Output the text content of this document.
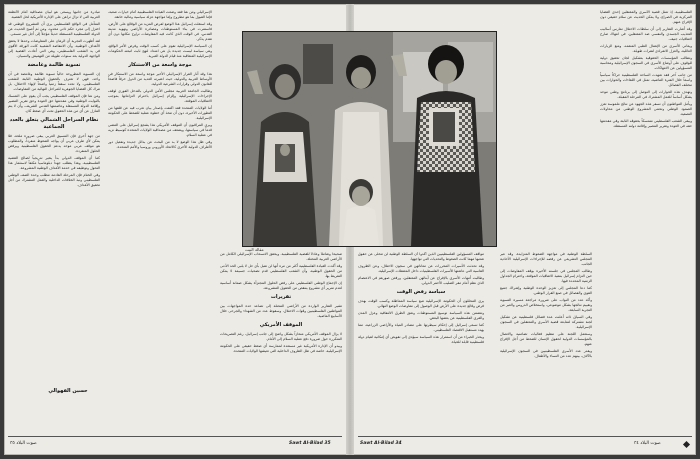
مبادرة من جانبها ويسعى هو لبيان مصداقية أمام الأنظمة العربية التي لا تزال تراهن على الإدارة الأمريكية لحل القضية.

المتأمل في الواقع الفلسطيني يرى أن المشروع الوطني قد اختزل إلى مجرد حكم ذاتي محدود، ومن ثم أصبح الحديث عن الدولة الفلسطينية المستقلة حديثاً مؤجلاً إلى أجل غير مسمى.

لقد أظهرت التجربة أن الرهان على المفاوضات وحدها لا يحقق الأهداف الوطنية، وأن الانتفاضة الشعبية كانت الورقة الأقوى في يد الشعب الفلسطيني، وهي التي أعادت القضية إلى الواجهة الدولية بعد سنوات طويلة من التهميش والنسيان.

تسوية ظالمة وغامضة

إن التسوية المطروحة حالياً تسوية ظالمة وغامضة في آن واحد، فهي لا تعترف بالحقوق الوطنية الثابتة للشعب الفلسطيني، ولا تحدد سقفاً زمنياً واضحاً لإنهاء الاحتلال، بل تترك كل القضايا الجوهرية للمراحل النهائية من المفاوضات.

ومن هنا فإن الموقف الفلسطيني يجب أن يقوم على التمسك بالثوابت الوطنية وفي مقدمتها حق العودة وحق تقرير المصير وإقامة الدولة المستقلة وعاصمتها القدس الشريف، وأن لا يتم التنازل عن أي من هذه الحقوق تحت أي ضغط كان.

نظام السراحل الشمالي يتعلق بالعدد الجماعية

من جهة أخرى فإن التنسيق العربي يبقى ضرورة ملحة، فلا يمكن لأي طرف عربي أن يواجه الضغوط منفرداً، والمطلوب هو موقف عربي موحد يدعم الحقوق الفلسطينية ويرفض الحلول المنفردة.

كما أن الموقف الدولي بدأ يتغير تدريجياً لصالح القضية الفلسطينية، وهذا يتطلب جهداً دبلوماسياً مكثفاً لاستثمار هذا التحول وتوظيفه في خدمة الأهداف الوطنية المشروعة.

وفي الختام فإن المرحلة القادمة تتطلب وحدة الصف الوطني الفلسطيني ونبذ الخلافات الداخلية والعمل المشترك من أجل تحقيق الأهداف.

حسين الفهوالي

الإسرائيلي ومن هنا فقد وضعت القيادة الفلسطينية أمام خيارات صعبة، فإما القبول بما هو مطروح وإما مواجهة عزلة سياسية ومالية خانقة.

وقد استغلت إسرائيل هذا الوضع لفرض المزيد من الوقائع على الأرض، فاستمرت في بناء المستوطنات ومصادرة الأراضي وتهويد مدينة القدس، في الوقت الذي كانت فيه المفاوضات تراوح مكانها دون أي تقدم يذكر.

إن السياسة الإسرائيلية تقوم على كسب الوقت وفرض الأمر الواقع، وهي سياسة ليست جديدة بل هي امتداد لنهج ثابت اتبعته الحكومات الإسرائيلية المتعاقبة منذ قيام الدولة العبرية.

موجة واسعة من الاستنكار

هذا وقد أثار القرار الإسرائيلي الأخير موجة واسعة من الاستنكار في الأوساط العربية والدولية، حيث اعتبرته العديد من الدول خرقاً فاضحاً للقانون الدولي وقرارات الشرعية الدولية.

وطالبت الجامعة العربية مجلس الأمن الدولي بالتدخل الفوري لوقف الإجراءات الإسرائيلية وإلزام إسرائيل باحترام التزاماتها بموجب الاتفاقيات الموقعة.

أما الولايات المتحدة فقد اكتفت بإصدار بيان تعرب فيه عن قلقها من التطورات الأخيرة، دون أن تتخذ أي خطوة عملية للضغط على الحكومة الإسرائيلية.

ويرى المراقبون أن الموقف الأمريكي هذا يشجع إسرائيل على المضي قدماً في سياستها، ويضعف من مصداقية الولايات المتحدة كوسيط نزيه في عملية السلام.

وفي ظل هذا الوضع لا بد من البحث عن بدائل جديدة وتفعيل دور الأطراف الدولية الأخرى كالاتحاد الأوروبي وروسيا والأمم المتحدة.

صحيحاً وشاملاً وعادلاً للقضية الفلسطينية، ويحقق الانسحاب الإسرائيلي الكامل من الأراضي العربية المحتلة.

وقد أكدت القيادة الفلسطينية أكثر من مرة أنها لن تقبل بأي حل لا يلبي الحد الأدنى من الحقوق الوطنية، وأن الشعب الفلسطيني قدم تضحيات جسيمة لا يمكن التفريط بها.

إن الإجماع الوطني الفلسطيني على رفض الحلول المجتزأة يشكل ضمانة أساسية لعدم تمرير أي مشروع ينتقص من الحقوق المشروعة.

تقريرات

تشير التقارير الواردة من الأراضي المحتلة إلى تصاعد حدة المواجهات بين المواطنين الفلسطينيين وقوات الاحتلال، وسقوط عدد من الشهداء والجرحى خلال الأسابيع الماضية.

الموقف الأمريكي

لا يزال الموقف الأمريكي منحازاً بشكل واضح إلى جانب إسرائيل، رغم التصريحات المتكررة حول ضرورة دفع عملية السلام إلى الأمام.

ويبدو أن الإدارة الأمريكية غير مستعدة لممارسة أي ضغط حقيقي على الحكومة الإسرائيلية، خاصة في ظل الظروف الداخلية التي تعيشها الولايات المتحدة.

صوت البلاد ٣٥	Sawt Al-Bilad 35
مقالة البيت

مواقف المسؤولين الفلسطينيين الذين أكدوا أن السلطة الوطنية لن تتخلى عن حقوق شعبها مهما كانت الضغوط والتحديات التي تواجهها.

وقد تحدثت الأسيرات المحررات عن معاناتهن في سجون الاحتلال، وعن الظروف القاسية التي عاشتها الأسيرات الفلسطينيات داخل المعتقلات الإسرائيلية.

وطالبت أمهات الأسرى بالإفراج عن أبنائهن المعتقلين، ورفعن صورهم في الاعتصام الذي نظم أمام مقر الصليب الأحمر الدولي.

سياسة رفض الوقت

يرى المحللون أن الحكومة الإسرائيلية تتبع سياسة المماطلة وكسب الوقت بهدف فرض وقائع جديدة على الأرض قبل الوصول إلى مفاوضات الوضع النهائي.

وتتضمن هذه السياسة توسيع المستوطنات وشق الطرق الالتفافية وعزل المدن والقرى الفلسطينية عن بعضها البعض.

كما تسعى إسرائيل إلى إحكام سيطرتها على مصادر المياه والأراضي الزراعية، مما يهدد مستقبل الاقتصاد الفلسطيني.

ويحذر الخبراء من أن استمرار هذه السياسة سيؤدي إلى تقويض أي إمكانية لقيام دولة فلسطينية قابلة للحياة.

السلطة الوطنية في مواجهة الضغوط المتزايدة، وقد عبر المجلس التشريعي عن رفضه للإجراءات الإسرائيلية الأحادية الجانب.

وطالب المجلس في جلسته الأخيرة بوقف المفاوضات إلى حين التزام إسرائيل بتنفيذ الاتفاقيات الموقعة، واحترام الجداول الزمنية المحددة فيها.

كما دعا المجلس إلى تعزيز الوحدة الوطنية وإشراك جميع القوى والفصائل في صنع القرار الوطني.

وأكد عدد من النواب على ضرورة مراجعة مسيرة التسوية وتقييم نتائجها بشكل موضوعي، واستخلاص الدروس والعبر من التجربة السابقة.

وفي السياق ذاته أعلنت عدة فصائل فلسطينية عن تشكيل لجنة مشتركة لمتابعة قضية الأسرى والمعتقلين في السجون الإسرائيلية.

وستعمل اللجنة على تنظيم فعاليات تضامنية والاتصال بالمؤسسات الدولية لحقوق الإنسان للضغط من أجل الإفراج عنهم.

ويقدر عدد الأسرى الفلسطينيين في السجون الإسرائيلية بالآلاف، بينهم عدد من النساء والأطفال.

الفلسطينية، إذ تمثل قضية الأسرى والمعتقلين إحدى القضايا المركزية في الصراع، ولا يمكن الحديث عن سلام حقيقي دون الإفراج عنهم.

وقد أشارت التقارير إلى أن سلطات الاحتلال تمارس أساليب التعذيب الجسدي والنفسي ضد المعتقلين، في انتهاك صارخ لاتفاقيات جنيف.

ويعاني الأسرى من الإهمال الطبي المتعمد، ومنع الزيارات العائلية، والعزل الانفرادي لفترات طويلة.

وتطالب المؤسسات الحقوقية بتشكيل لجان تحقيق دولية للوقوف على أوضاع الأسرى في السجون الإسرائيلية ومحاسبة المسؤولين عن الانتهاكات.

من جانب آخر فقد شهدت الساحة الفلسطينية حراكاً سياسياً واسعاً خلال الفترة الماضية، تمثل في اللقاءات والحوارات بين مختلف الفصائل.

وتهدف هذه الحوارات إلى التوصل إلى برنامج وطني موحد يشكل أساساً للعمل المشترك في المرحلة المقبلة.

ويأمل المواطنون أن تسفر هذه الجهود عن نتائج ملموسة تعزز الصمود الوطني وتحمي المشروع الوطني من محاولات التصفية.

ويبقى الشعب الفلسطيني متمسكاً بحقوقه الثابتة وفي مقدمتها حقه في العودة وتقرير المصير وإقامة دولته المستقلة.

Sawt Al-Bilad 34	صوت البلاد ٣٤
